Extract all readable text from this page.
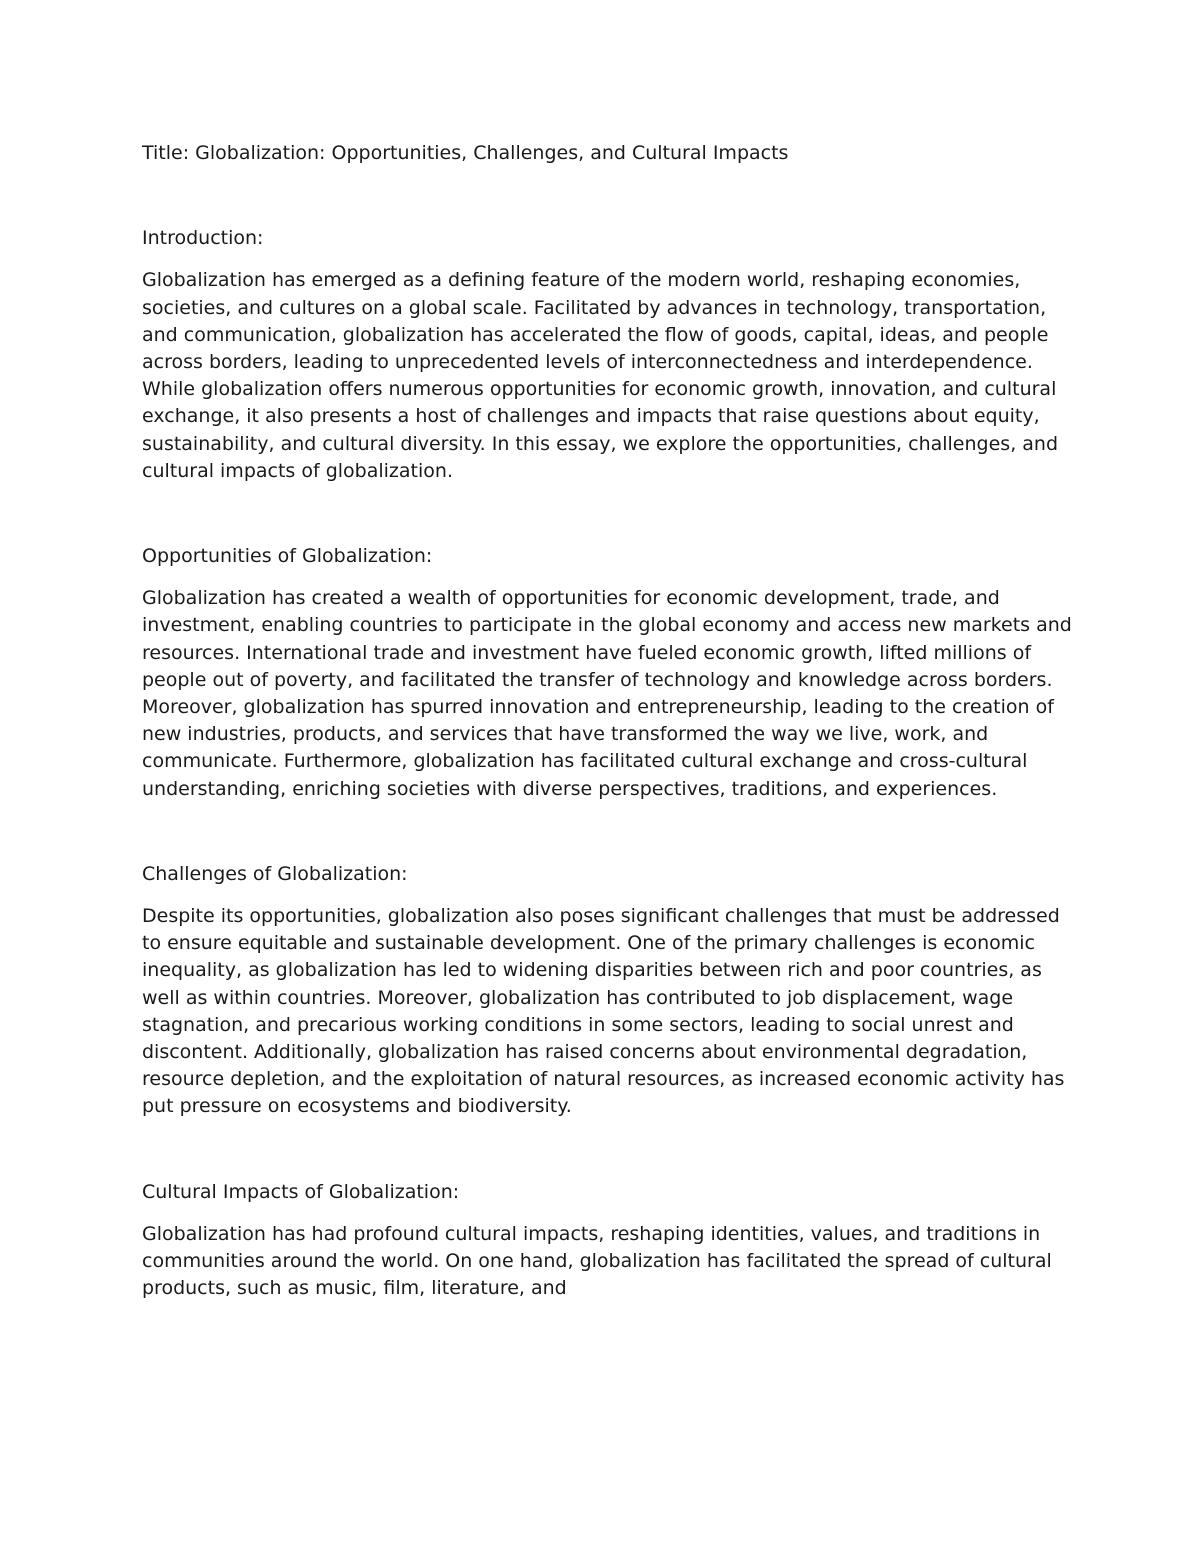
Title: Globalization: Opportunities, Challenges, and Cultural Impacts
Introduction:

Globalization has emerged as a defining feature of the modern world, reshaping economies, societies, and cultures on a global scale. Facilitated by advances in technology, transportation, and communication, globalization has accelerated the flow of goods, capital, ideas, and people across borders, leading to unprecedented levels of interconnectedness and interdependence. While globalization offers numerous opportunities for economic growth, innovation, and cultural exchange, it also presents a host of challenges and impacts that raise questions about equity, sustainability, and cultural diversity. In this essay, we explore the opportunities, challenges, and cultural impacts of globalization.

Opportunities of Globalization:

Globalization has created a wealth of opportunities for economic development, trade, and investment, enabling countries to participate in the global economy and access new markets and resources. International trade and investment have fueled economic growth, lifted millions of people out of poverty, and facilitated the transfer of technology and knowledge across borders. Moreover, globalization has spurred innovation and entrepreneurship, leading to the creation of new industries, products, and services that have transformed the way we live, work, and communicate. Furthermore, globalization has facilitated cultural exchange and cross-cultural understanding, enriching societies with diverse perspectives, traditions, and experiences.

Challenges of Globalization:

Despite its opportunities, globalization also poses significant challenges that must be addressed to ensure equitable and sustainable development. One of the primary challenges is economic inequality, as globalization has led to widening disparities between rich and poor countries, as well as within countries. Moreover, globalization has contributed to job displacement, wage stagnation, and precarious working conditions in some sectors, leading to social unrest and discontent. Additionally, globalization has raised concerns about environmental degradation, resource depletion, and the exploitation of natural resources, as increased economic activity has put pressure on ecosystems and biodiversity.

Cultural Impacts of Globalization:

Globalization has had profound cultural impacts, reshaping identities, values, and traditions in communities around the world. On one hand, globalization has facilitated the spread of cultural products, such as music, film, literature, and
